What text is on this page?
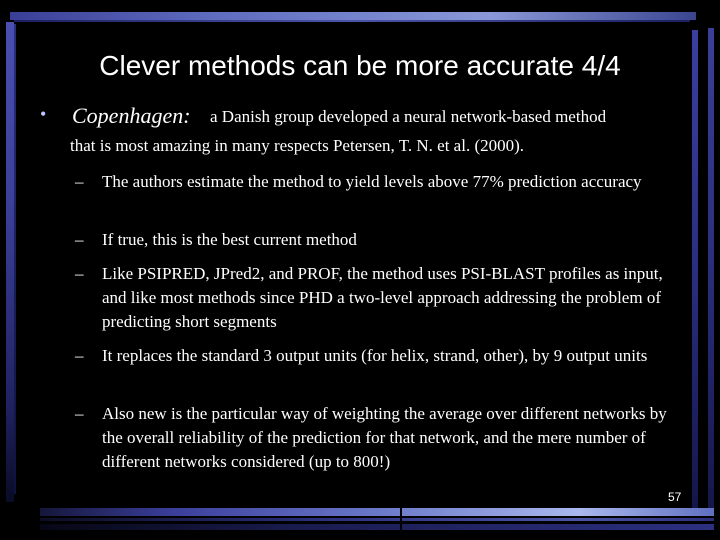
Clever methods can be more accurate 4/4
• Copenhagen: a Danish group developed a neural network-based method
that is most amazing in many respects Petersen, T. N. et al. (2000).
– The authors estimate the method to yield levels above 77% prediction accuracy
– If true, this is the best current method
– Like PSIPRED, JPred2, and PROF, the method uses PSI-BLAST profiles as input, and like most methods since PHD a two-level approach addressing the problem of predicting short segments
– It replaces the standard 3 output units (for helix, strand, other), by 9 output units
– Also new is the particular way of weighting the average over different networks by the overall reliability of the prediction for that network, and the mere number of different networks considered (up to 800!)
57
